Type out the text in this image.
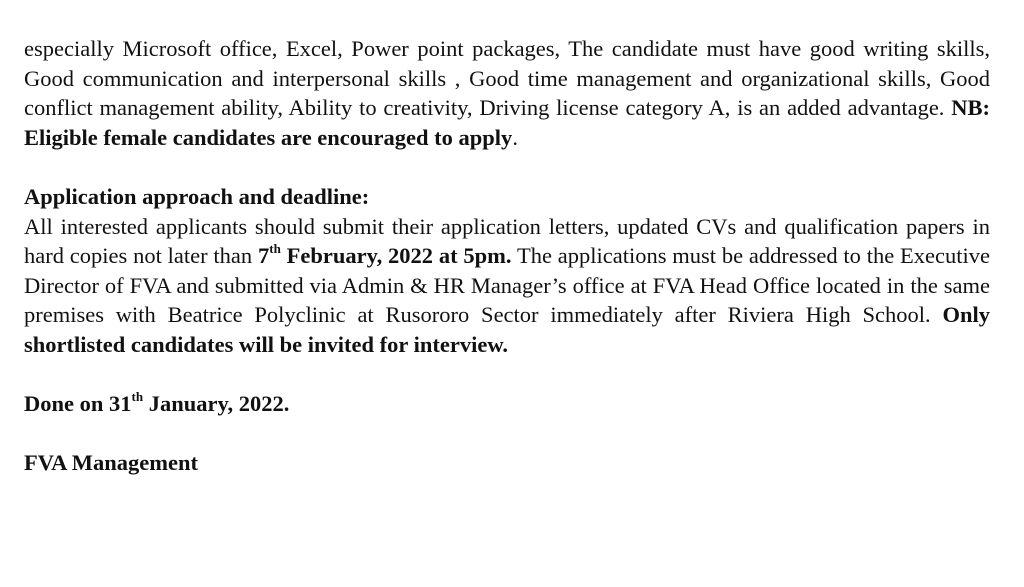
especially Microsoft office, Excel, Power point packages, The candidate must have good writing skills, Good communication and interpersonal skills , Good time management and organizational skills, Good conflict management ability, Ability to creativity, Driving license category A, is an added advantage. NB: Eligible female candidates are encouraged to apply.

Application approach and deadline:

All interested applicants should submit their application letters, updated CVs and qualification papers in hard copies not later than 7th February, 2022 at 5pm. The applications must be addressed to the Executive Director of FVA and submitted via Admin & HR Manager’s office at FVA Head Office located in the same premises with Beatrice Polyclinic at Rusororo Sector immediately after Riviera High School. Only shortlisted candidates will be invited for interview.

Done on 31th January, 2022.

FVA Management
